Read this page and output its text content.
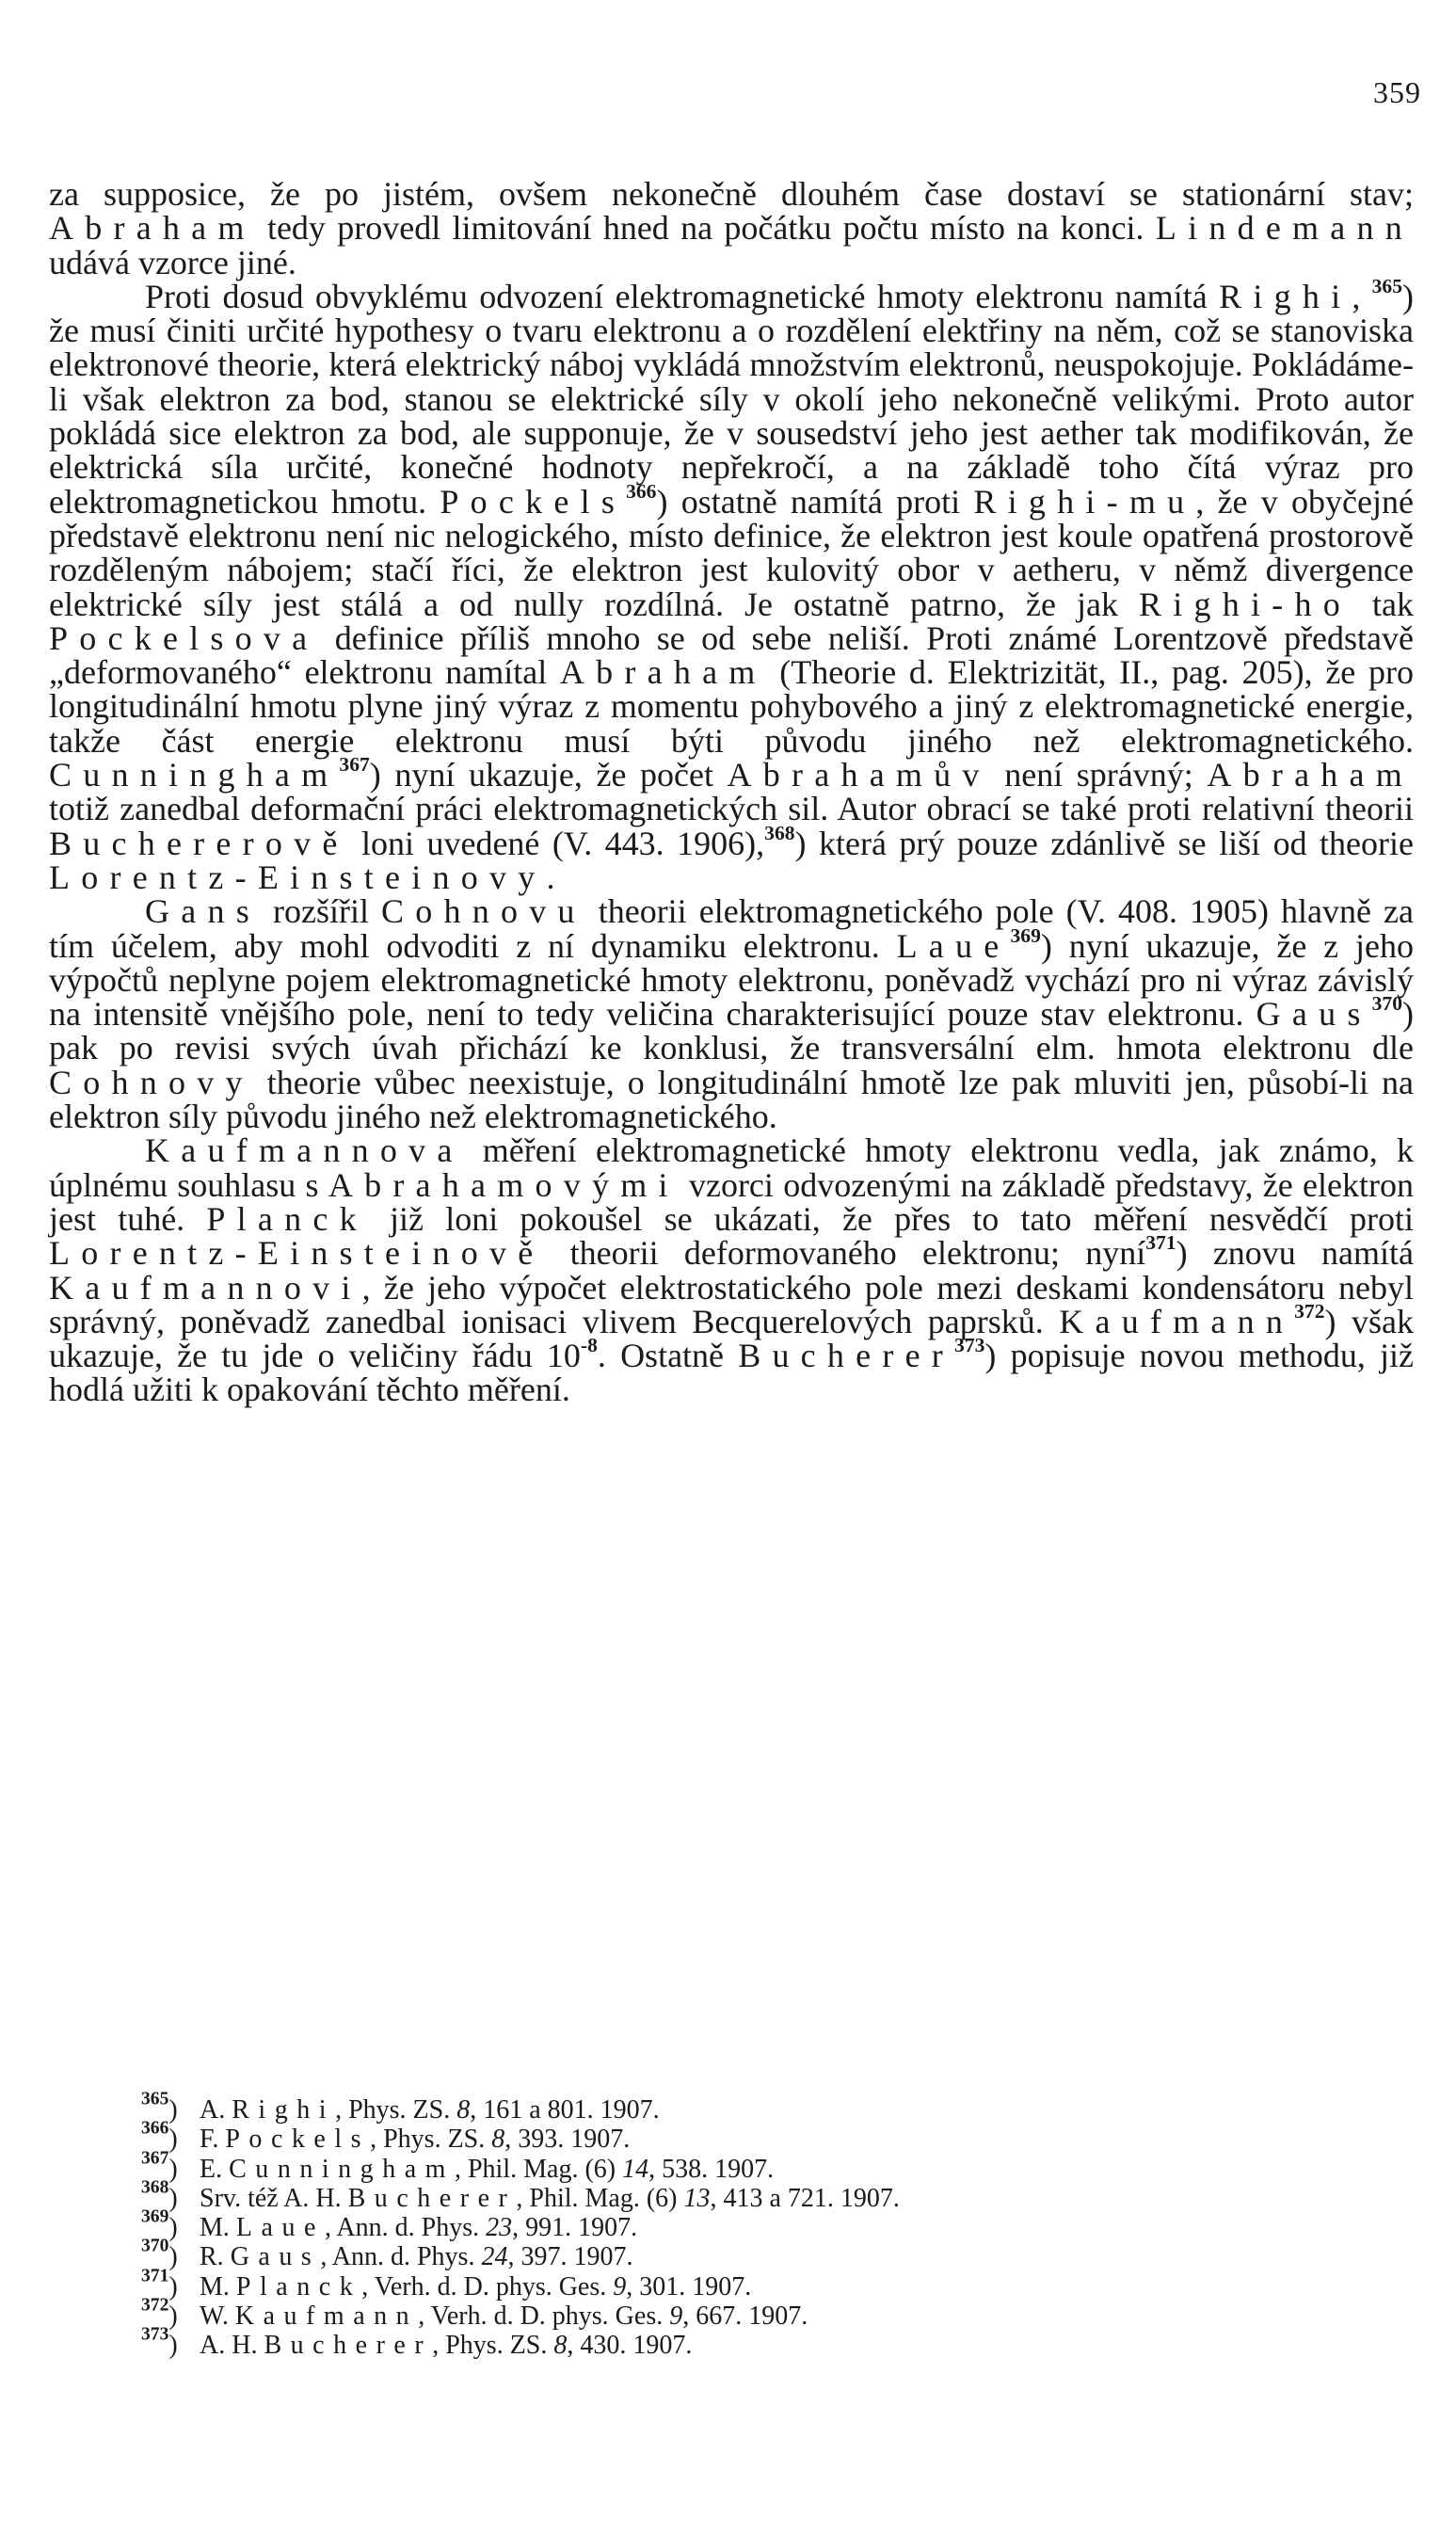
359

za supposice, že po jistém, ovšem nekonečně dlouhém čase dostaví se stationární stav; Abraham tedy provedl limitování hned na počátku počtu místo na konci. Lindemann udává vzorce jiné.

Proti dosud obvyklému odvození elektromagnetické hmoty elektronu namítá Righi,$^{365}$) že musí činiti určité hypothesy o tvaru elektronu a o rozdělení elektřiny na něm, což se stanoviska elektronové theorie, která elektrický náboj vykládá množstvím elektronů, neuspokojuje. Pokládáme-li však elektron za bod, stanou se elektrické síly v okolí jeho nekonečně velikými. Proto autor pokládá sice elektron za bod, ale supponuje, že v sousedství jeho jest aether tak modifikován, že elektrická síla určité, konečné hodnoty nepřekročí, a na základě toho čítá výraz pro elektromagnetickou hmotu. Pockels$^{366}$) ostatně namítá proti Righi-mu, že v obyčejné představě elektronu není nic nelogického, místo definice, že elektron jest koule opatřená prostorově rozděleným nábojem; stačí říci, že elektron jest kulovitý obor v aetheru, v němž divergence elektrické síly jest stálá a od nully rozdílná. Je ostatně patrno, že jak Righi-ho tak Pockelsova definice příliš mnoho se od sebe neliší. Proti známé Lorentzově představě „deformovaného“ elektronu namítal Abraham (Theorie d. Elektrizität, II., pag. 205), že pro longitudinální hmotu plyne jiný výraz z momentu pohybového a jiný z elektromagnetické energie, takže část energie elektronu musí býti původu jiného než elektromagnetického. Cunningham$^{367}$) nyní ukazuje, že počet Abrahamův není správný; Abraham totiž zanedbal deformační práci elektromagnetických sil. Autor obrací se také proti relativní theorii Buchererově loni uvedené (V. 443. 1906),$^{368}$) která prý pouze zdánlivě se liší od theorie Lorentz-Einsteinovy.

Gans rozšířil Cohnovu theorii elektromagnetického pole (V. 408. 1905) hlavně za tím účelem, aby mohl odvoditi z ní dynamiku elektronu. Laue$^{369}$) nyní ukazuje, že z jeho výpočtů neplyne pojem elektromagnetické hmoty elektronu, poněvadž vychází pro ni výraz závislý na intensitě vnějšího pole, není to tedy veličina charakterisující pouze stav elektronu. Gaus$^{370}$) pak po revisi svých úvah přichází ke konklusi, že transversální elm. hmota elektronu dle Cohnovy theorie vůbec neexistuje, o longitudinální hmotě lze pak mluviti jen, působí-li na elektron síly původu jiného než elektromagnetického.

Kaufmannova měření elektromagnetické hmoty elektronu vedla, jak známo, k úplnému souhlasu s Abrahamovými vzorci odvozenými na základě představy, že elektron jest tuhé. Planck již loni pokoušel se ukázati, že přes to tato měření nesvědčí proti Lorentz-Einsteinově theorii deformovaného elektronu; nyní$^{371}$) znovu namítá Kaufmannovi, že jeho výpočet elektrostatického pole mezi deskami kondensátoru nebyl správný, poněvadž zanedbal ionisaci vlivem Becquerelových paprsků. Kaufmann$^{372}$) však ukazuje, že tu jde o veličiny řádu $10^{-8}$. Ostatně Bucherer$^{373}$) popisuje novou methodu, již hodlá užiti k opakování těchto měření.

$^{365}$) A. Righi, Phys. ZS. 8, 161 a 801. 1907.
$^{366}$) F. Pockels, Phys. ZS. 8, 393. 1907.
$^{367}$) E. Cunningham, Phil. Mag. (6) 14, 538. 1907.
$^{368}$) Srv. též A. H. Bucherer, Phil. Mag. (6) 13, 413 a 721. 1907.
$^{369}$) M. Laue, Ann. d. Phys. 23, 991. 1907.
$^{370}$) R. Gaus, Ann. d. Phys. 24, 397. 1907.
$^{371}$) M. Planck, Verh. d. D. phys. Ges. 9, 301. 1907.
$^{372}$) W. Kaufmann, Verh. d. D. phys. Ges. 9, 667. 1907.
$^{373}$) A. H. Bucherer, Phys. ZS. 8, 430. 1907.
